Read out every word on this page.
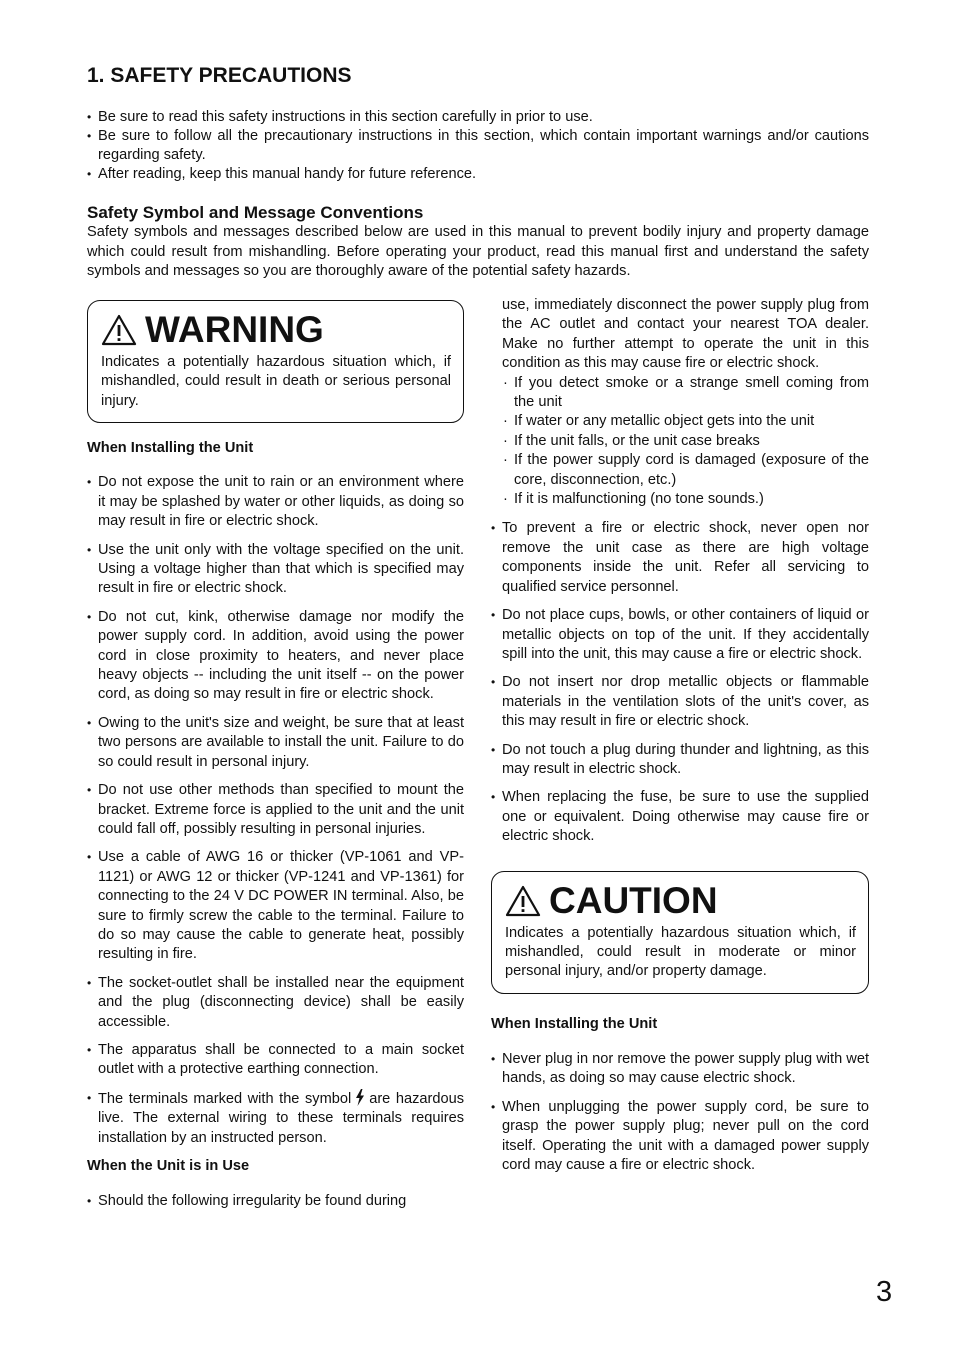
1. SAFETY PRECAUTIONS
• Be sure to read this safety instructions in this section carefully in prior to use.
• Be sure to follow all the precautionary instructions in this section, which contain important warnings and/or cautions regarding safety.
• After reading, keep this manual handy for future reference.
Safety Symbol and Message Conventions

Safety symbols and messages described below are used in this manual to prevent bodily injury and property damage which could result from mishandling. Before operating your product, read this manual first and understand the safety symbols and messages so you are thoroughly aware of the potential safety hazards.

WARNING

Indicates a potentially hazardous situation which, if mishandled, could result in death or serious personal injury.

When Installing the Unit

• Do not expose the unit to rain or an environment where it may be splashed by water or other liquids, as doing so may result in fire or electric shock.
• Use the unit only with the voltage specified on the unit. Using a voltage higher than that which is specified may result in fire or electric shock.
• Do not cut, kink, otherwise damage nor modify the power supply cord. In addition, avoid using the power cord in close proximity to heaters, and never place heavy objects -- including the unit itself -- on the power cord, as doing so may result in fire or electric shock.
• Owing to the unit's size and weight, be sure that at least two persons are available to install the unit. Failure to do so could result in personal injury.
• Do not use other methods than specified to mount the bracket. Extreme force is applied to the unit and the unit could fall off, possibly resulting in personal injuries.
• Use a cable of AWG 16 or thicker (VP-1061 and VP-1121) or AWG 12 or thicker (VP-1241 and VP-1361) for connecting to the 24 V DC POWER IN terminal. Also, be sure to firmly screw the cable to the terminal. Failure to do so may cause the cable to generate heat, possibly resulting in fire.
• The socket-outlet shall be installed near the equipment and the plug (disconnecting device) shall be easily accessible.
• The apparatus shall be connected to a main socket outlet with a protective earthing connection.
• The terminals marked with the symbol are hazardous live. The external wiring to these terminals requires installation by an instructed person.

When the Unit is in Use

• Should the following irregularity be found during

use, immediately disconnect the power supply plug from the AC outlet and contact your nearest TOA dealer. Make no further attempt to operate the unit in this condition as this may cause fire or electric shock.

· If you detect smoke or a strange smell coming from the unit
· If water or any metallic object gets into the unit
· If the unit falls, or the unit case breaks
· If the power supply cord is damaged (exposure of the core, disconnection, etc.)
· If it is malfunctioning (no tone sounds.)
• To prevent a fire or electric shock, never open nor remove the unit case as there are high voltage components inside the unit. Refer all servicing to qualified service personnel.
• Do not place cups, bowls, or other containers of liquid or metallic objects on top of the unit. If they accidentally spill into the unit, this may cause a fire or electric shock.
• Do not insert nor drop metallic objects or flammable materials in the ventilation slots of the unit's cover, as this may result in fire or electric shock.
• Do not touch a plug during thunder and lightning, as this may result in electric shock.
• When replacing the fuse, be sure to use the supplied one or equivalent. Doing otherwise may cause fire or electric shock.
CAUTION

Indicates a potentially hazardous situation which, if mishandled, could result in moderate or minor personal injury, and/or property damage.

When Installing the Unit

• Never plug in nor remove the power supply plug with wet hands, as doing so may cause electric shock.
• When unplugging the power supply cord, be sure to grasp the power supply plug; never pull on the cord itself. Operating the unit with a damaged power supply cord may cause a fire or electric shock.
3
